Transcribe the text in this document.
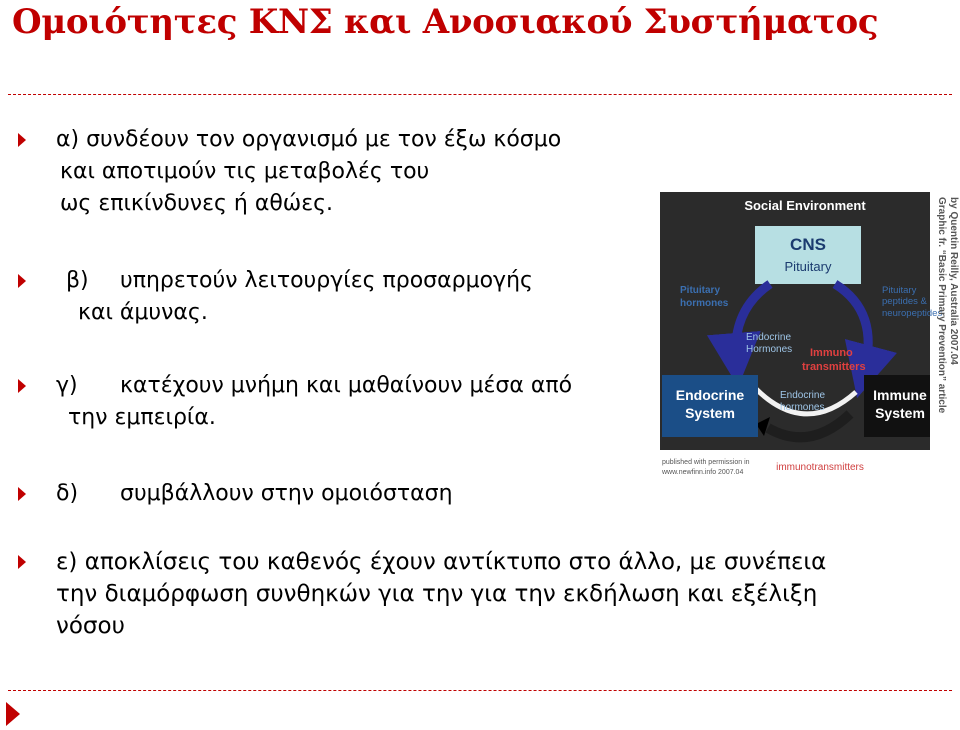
Ομοιότητες ΚΝΣ και Ανοσιακού Συστήματος
α) συνδέουν τον οργανισμό με τον έξω κόσμο
και αποτιμούν τις μεταβολές του
ως επικίνδυνες ή αθώες.
β) υπηρετούν λειτουργίες προσαρμογής
και άμυνας.
γ) κατέχουν μνήμη και μαθαίνουν μέσα από
την εμπειρία.
δ) συμβάλλουν στην ομοιόσταση
ε) αποκλίσεις του καθενός έχουν αντίκτυπο στο άλλο, με συνέπεια
την διαμόρφωση συνθηκών για την για την εκδήλωση και εξέλιξη
νόσου
Social Environment
CNS
Pituitary
Pituitary
hormones
Pituitary
peptides &
neuropeptides
Endocrine
Hormones Immuno
transmitters
Endocrine
System
Endocrine
hormones
Immune
System
immunotransmitters
published with permission in
www.newfinn.info 2007.04
Graphic fr. “Basic Primary Prevention” article by Quentin Reilly, Australia 2007.04
